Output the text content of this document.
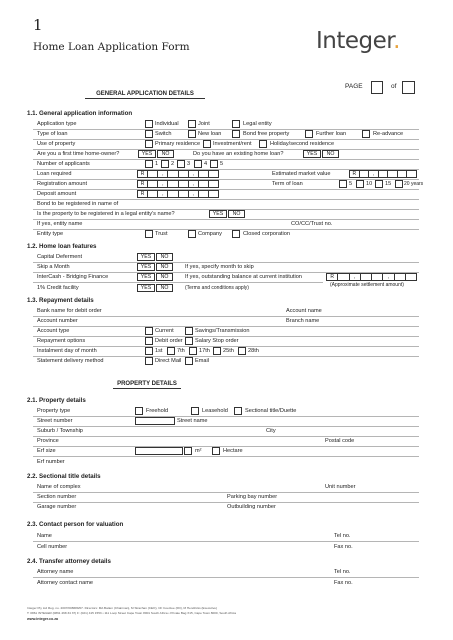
1
Home Loan Application Form	Integer.
GENERAL APPLICATION DETAILS
PAGE	of
1.1. General application information
Application type	Individual	Joint	Legal entity
Type of loan	Switch	New loan	Bond free property	Further loan	Re-advance
Use of property	Primary residence Investment/rent	Holiday/second residence
Are you a first time home-owner?	YES	NO	Do you have an existing home loan?	YES	NO
Number of applicants	1 2 3 4 5
Loan required	R	,	,	Estimated market value	R	,
Registration amount	R	,	,	Term of loan	5 10 15	20 years
Deposit amount	R	,	,
Bond to be registered in name of
Is the property to be registered in a legal entity's name?	YES	NO
If yes, entity name	CO/CC/Trust no.
Entity type	Trust	Company	Closed corporation
1.2. Home loan features
Capital Deferment	YES	NO
Skip a Month	YES	NO	If yes, specify month to skip
InterCash - Bridging Finance	YES	NO	If yes, outstanding balance at current institution	R	,	,
(Approximate settlement amount)
1% Credit facility	YES	NO	(Terms and conditions apply)
1.3. Repayment details
Bank name for debit order	Account name
Account number	Branch name
Account type	Current	Savings/Transmission
Repayment options	Debit order Salary Stop order
Instalment day of month	1st	7th	17th 25th	28th
Statement delivery method	Direct Mail Email
PROPERTY DETAILS
2.1. Property details
Property type	Freehold	Leasehold	Sectional title/Duette
Street number	Street name
Suburb / Township	City
Province	Postal code
Erf size	m²	Hectare
Erf number
2.2. Sectional title details
Name of complex	Unit number
Section number	Parking bay number
Garage number	Outbuilding number
2.3. Contact person for valuation
Name	Tel no.
Cell number	Fax no.
2.4. Transfer attorney details
Attorney name	Tel no.
Attorney contact name	Fax no.
Integer Pty Ltd Reg. no. 2007/008689/07. Directors: MA Batten (Chairman), M Strachan (CEO), CF Coetzee (FD), M Hendricks (Executive)
T: 0861 INTEGER (0861 468 34 37) F: (021) 415 1553 • 111 Loop Street Cape Town 8001 South Africa • Private Bag X15, Cape Town 8000, South Africa
www.integer.co.za
